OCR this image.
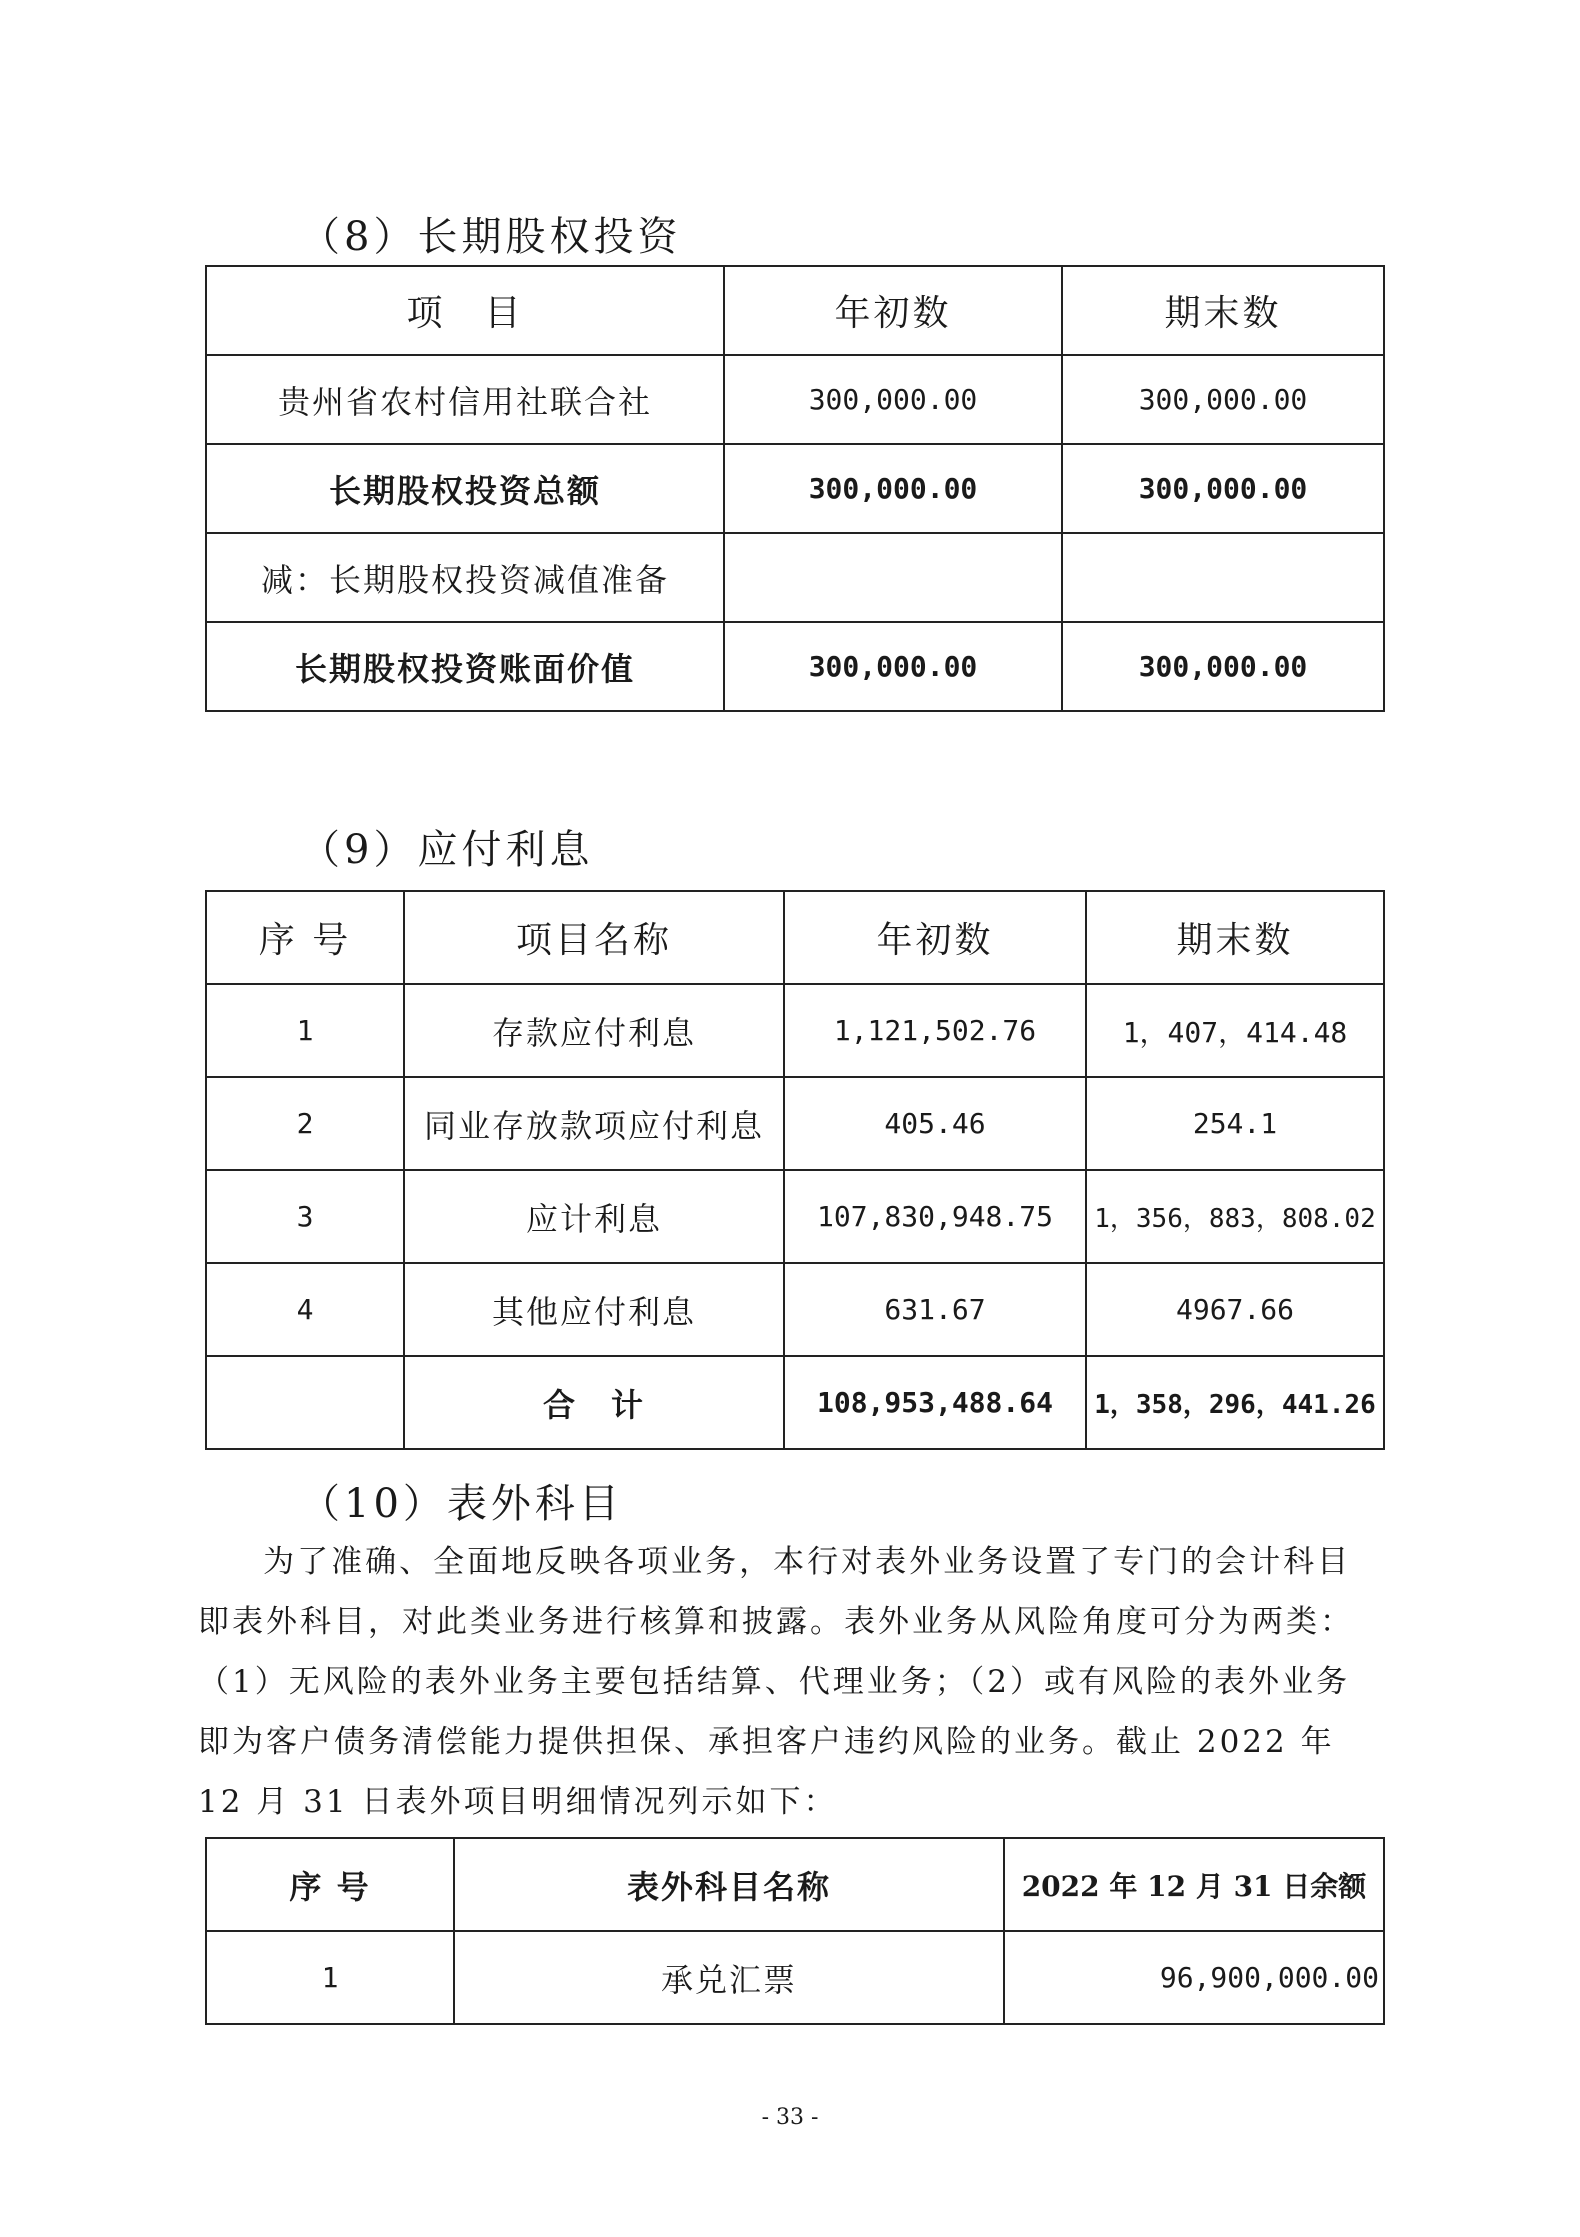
（8）长期股权投资
项　目	年初数	期末数
贵州省农村信用社联合社	300,000.00	300,000.00
长期股权投资总额	300,000.00	300,000.00
减：长期股权投资减值准备		
长期股权投资账面价值	300,000.00	300,000.00
（9）应付利息
序 号	项目名称	年初数	期末数
1	存款应付利息	1,121,502.76	1，407，414.48
2	同业存放款项应付利息	405.46	254.1
3	应计利息	107,830,948.75	1，356，883，808.02
4	其他应付利息	631.67	4967.66
	合　计	108,953,488.64	1，358，296，441.26
（10）表外科目

为了准确、全面地反映各项业务，本行对表外业务设置了专门的会计科目即表外科目，对此类业务进行核算和披露。表外业务从风险角度可分为两类：（1）无风险的表外业务主要包括结算、代理业务；（2）或有风险的表外业务即为客户债务清偿能力提供担保、承担客户违约风险的业务。截止 2022 年 12 月 31 日表外项目明细情况列示如下：

序 号	表外科目名称	2022 年 12 月 31 日余额
1	承兑汇票	96,900,000.00
- 33 -
